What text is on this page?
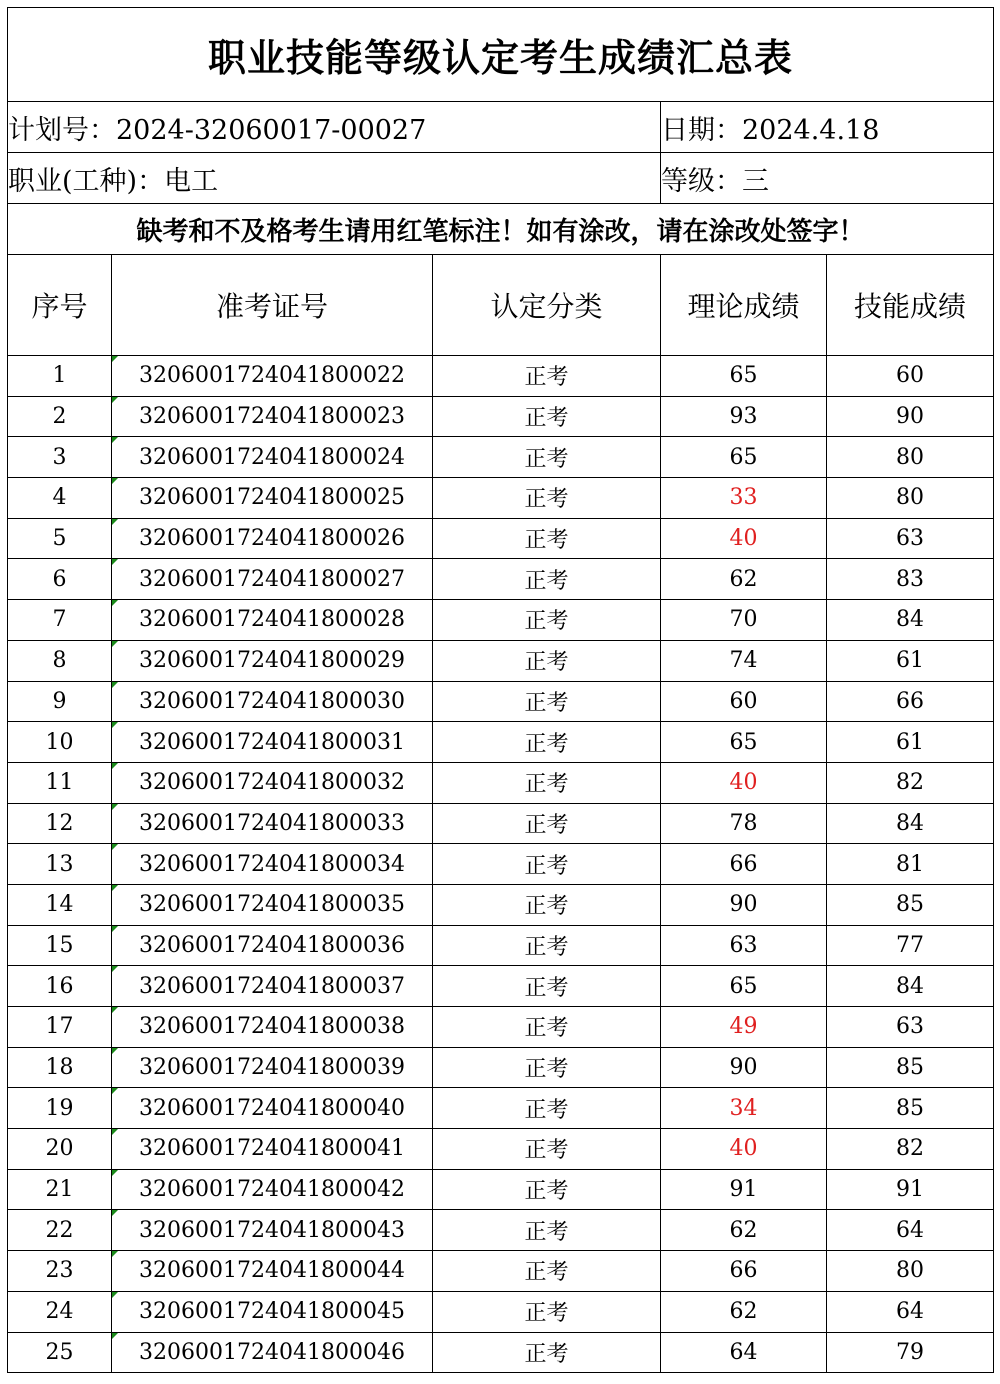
职业技能等级认定考生成绩汇总表				
计划号：2024-32060017-00027			日期：2024.4.18	
职业(工种)：电工			等级：三	
缺考和不及格考生请用红笔标注！如有涂改，请在涂改处签字！				
序号	准考证号	认定分类	理论成绩	技能成绩
1	3206001724041800022	正考	65	60
2	3206001724041800023	正考	93	90
3	3206001724041800024	正考	65	80
4	3206001724041800025	正考	33	80
5	3206001724041800026	正考	40	63
6	3206001724041800027	正考	62	83
7	3206001724041800028	正考	70	84
8	3206001724041800029	正考	74	61
9	3206001724041800030	正考	60	66
10	3206001724041800031	正考	65	61
11	3206001724041800032	正考	40	82
12	3206001724041800033	正考	78	84
13	3206001724041800034	正考	66	81
14	3206001724041800035	正考	90	85
15	3206001724041800036	正考	63	77
16	3206001724041800037	正考	65	84
17	3206001724041800038	正考	49	63
18	3206001724041800039	正考	90	85
19	3206001724041800040	正考	34	85
20	3206001724041800041	正考	40	82
21	3206001724041800042	正考	91	91
22	3206001724041800043	正考	62	64
23	3206001724041800044	正考	66	80
24	3206001724041800045	正考	62	64
25	3206001724041800046	正考	64	79
